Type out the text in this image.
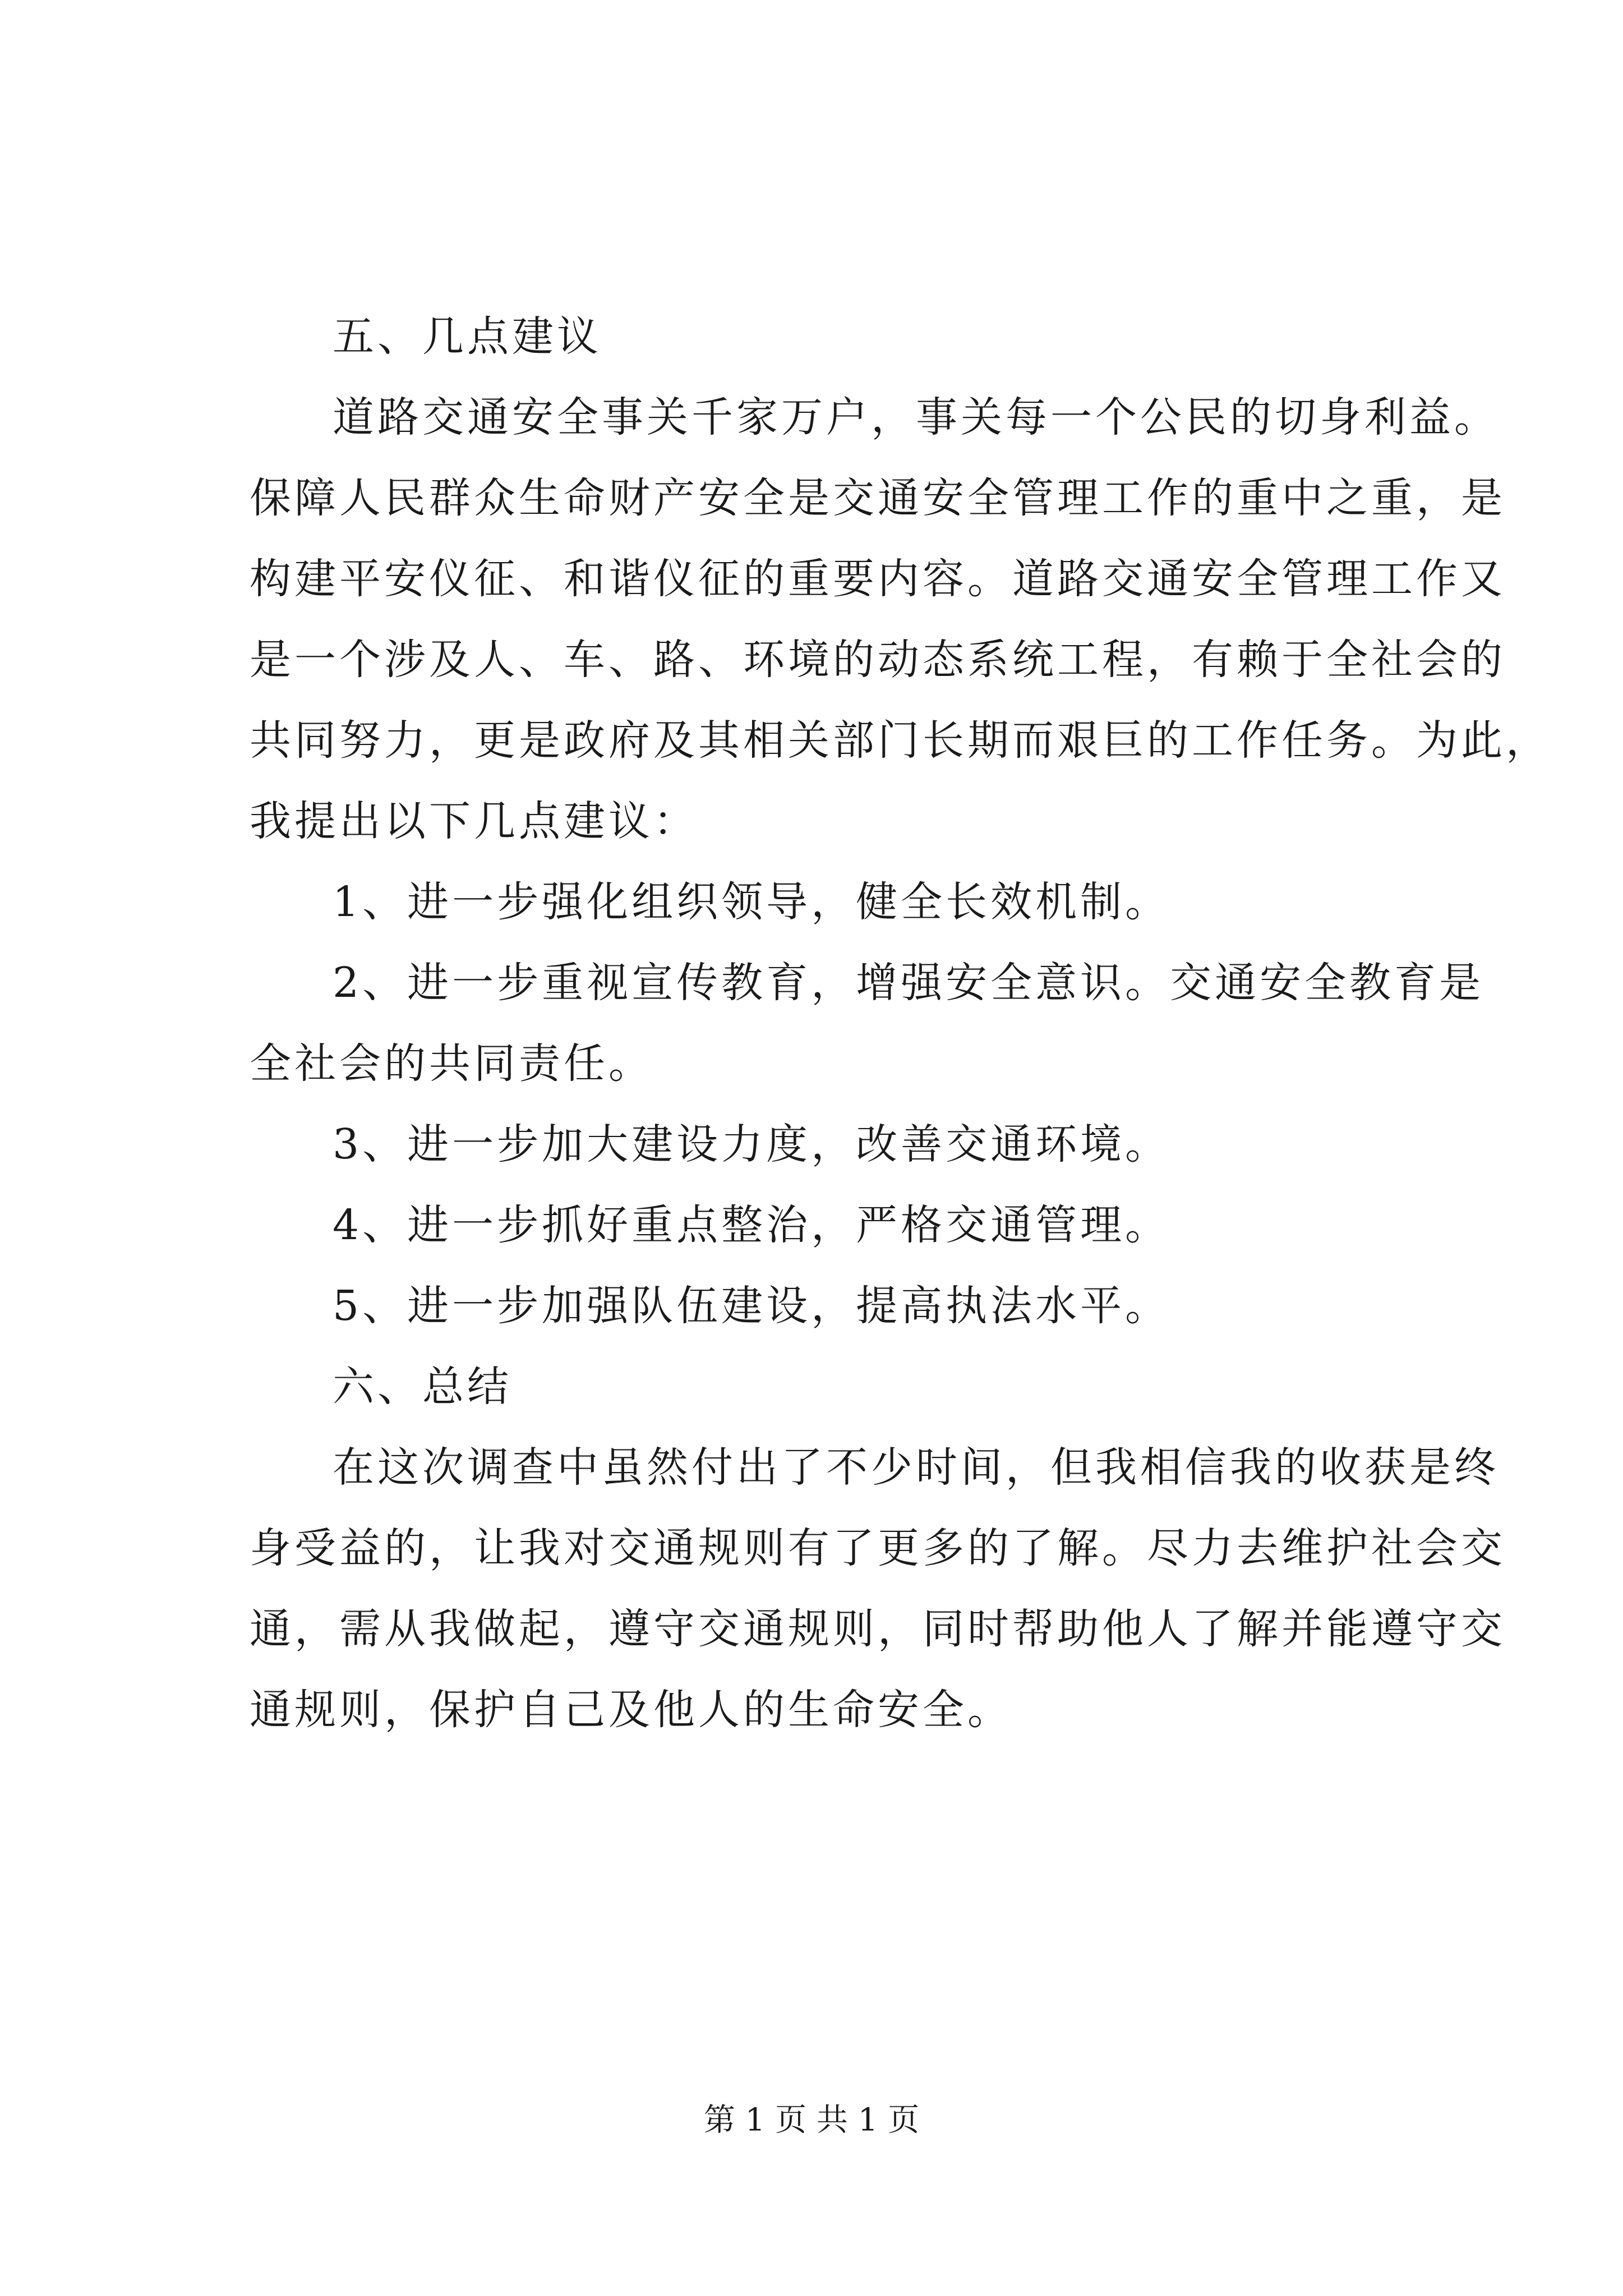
五、几点建议
道路交通安全事关千家万户，事关每一个公民的切身利益。
保障人民群众生命财产安全是交通安全管理工作的重中之重，是
构建平安仪征、和谐仪征的重要内容。道路交通安全管理工作又
是一个涉及人、车、路、环境的动态系统工程，有赖于全社会的
共同努力，更是政府及其相关部门长期而艰巨的工作任务。为此，
我提出以下几点建议：
1、进一步强化组织领导，健全长效机制。
2、进一步重视宣传教育，增强安全意识。交通安全教育是
全社会的共同责任。
3、进一步加大建设力度，改善交通环境。
4、进一步抓好重点整治，严格交通管理。
5、进一步加强队伍建设，提高执法水平。
六、总结
在这次调查中虽然付出了不少时间，但我相信我的收获是终
身受益的，让我对交通规则有了更多的了解。尽力去维护社会交
通，需从我做起，遵守交通规则，同时帮助他人了解并能遵守交
通规则，保护自己及他人的生命安全。
第 1 页 共 1 页
